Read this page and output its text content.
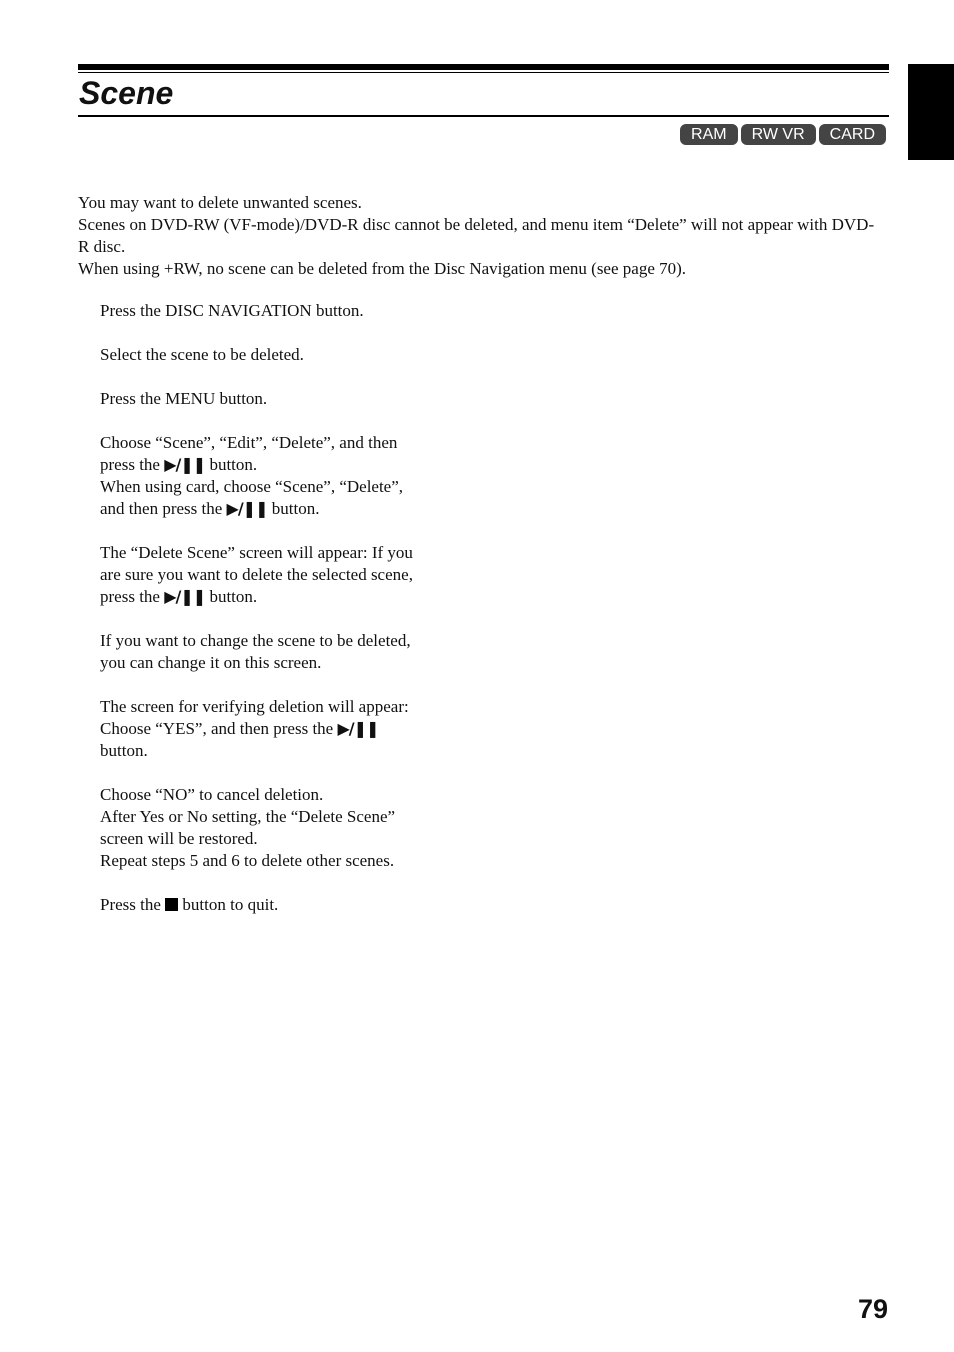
Scene
RAM	RW VR	CARD

You may want to delete unwanted scenes.

Scenes on DVD-RW (VF-mode)/DVD-R disc cannot be deleted, and menu item “Delete” will not appear with DVD-R disc.

When using +RW, no scene can be deleted from the Disc Navigation menu (see page 70).

Press the DISC NAVIGATION button.
Select the scene to be deleted.
Press the MENU button.
Choose “Scene”, “Edit”, “Delete”, and then
press the ▶/❚❚ button.
When using card, choose “Scene”, “Delete”,
and then press the ▶/❚❚ button.
The “Delete Scene” screen will appear: If you
are sure you want to delete the selected scene,
press the ▶/❚❚ button.
If you want to change the scene to be deleted,
you can change it on this screen.
The screen for verifying deletion will appear:
Choose “YES”, and then press the ▶/❚❚
button.
Choose “NO” to cancel deletion.
After Yes or No setting, the “Delete Scene”
screen will be restored.
Repeat steps 5 and 6 to delete other scenes.
Press the button to quit.
79
